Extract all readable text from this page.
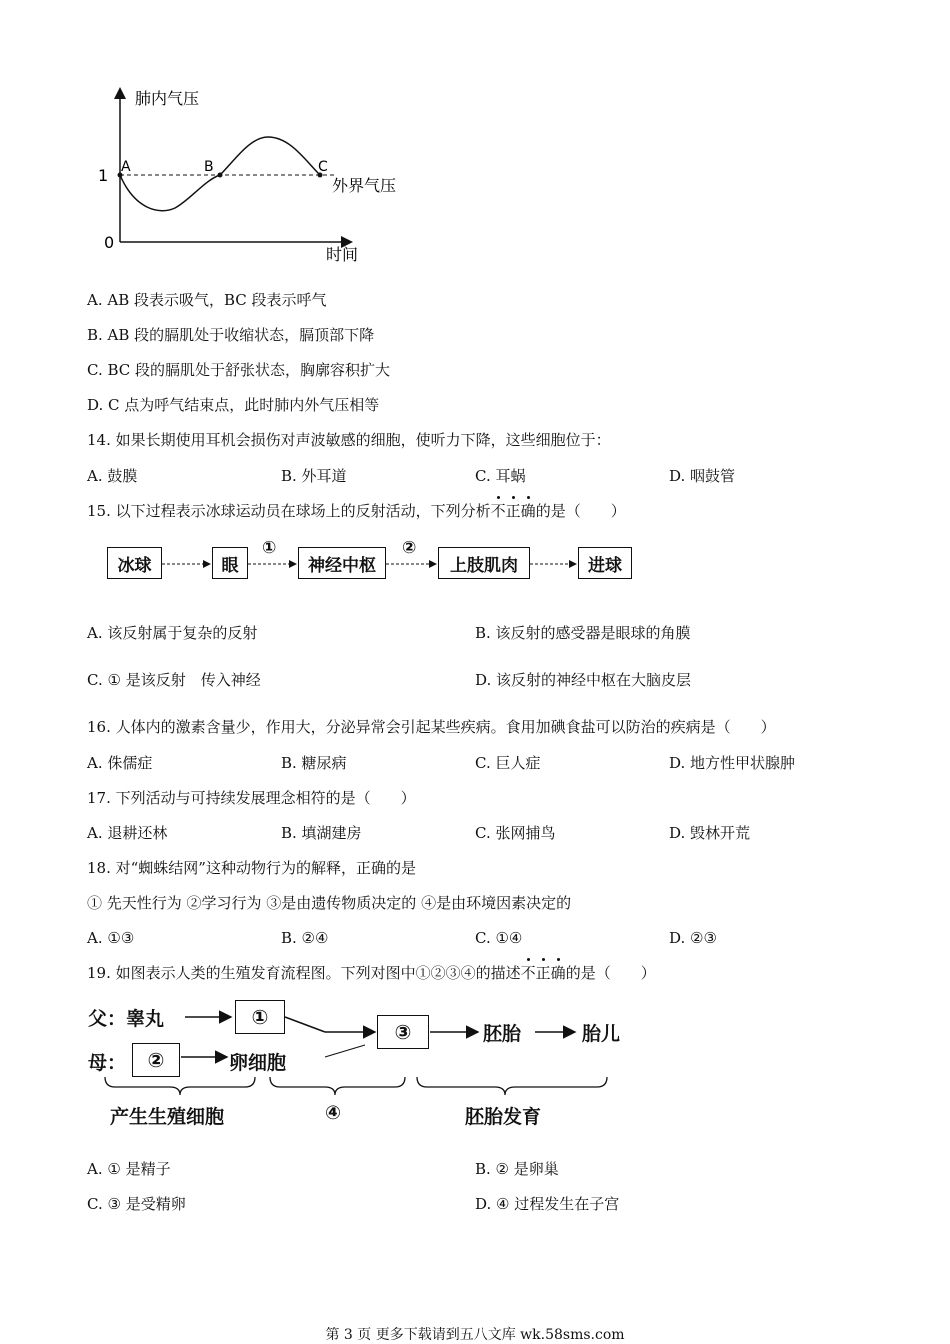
肺内气压
时间
外界气压
1
0
A	B	C
A. AB 段表示吸气，BC 段表示呼气
B. AB 段的膈肌处于收缩状态，膈顶部下降
C. BC 段的膈肌处于舒张状态，胸廓容积扩大
D. C 点为呼气结束点，此时肺内外气压相等
14. 如果长期使用耳机会损伤对声波敏感的细胞，使听力下降，这些细胞位于：
A. 鼓膜	B. 外耳道	C. 耳蜗	D. 咽鼓管
15. 以下过程表示冰球运动员在球场上的反射活动，下列分析不正确的是（　　）
冰球	眼	神经中枢	上肢肌肉	进球
①	②
A. 该反射属于复杂的反射	B. 该反射的感受器是眼球的角膜
C. ① 是该反射　传入神经	D. 该反射的神经中枢在大脑皮层
16. 人体内的激素含量少，作用大，分泌异常会引起某些疾病。食用加碘食盐可以防治的疾病是（　　）
A. 侏儒症	B. 糖尿病	C. 巨人症	D. 地方性甲状腺肿
17. 下列活动与可持续发展理念相符的是（　　）
A. 退耕还林	B. 填湖建房	C. 张网捕鸟	D. 毁林开荒
18. 对“蜘蛛结网”这种动物行为的解释，正确的是
① 先天性行为 ②学习行为 ③是由遗传物质决定的 ④是由环境因素决定的
A. ①③	B. ②④	C. ①④	D. ②③
19. 如图表示人类的生殖发育流程图。下列对图中①②③④的描述不正确的是（　　）
父：睾丸
母：
①
②	卵细胞
③	胚胎	胎儿
产生生殖细胞	④	胚胎发育
A. ① 是精子	B. ② 是卵巢
C. ③ 是受精卵	D. ④ 过程发生在子宫
第 3 页 更多下载请到五八文库 wk.58sms.com
